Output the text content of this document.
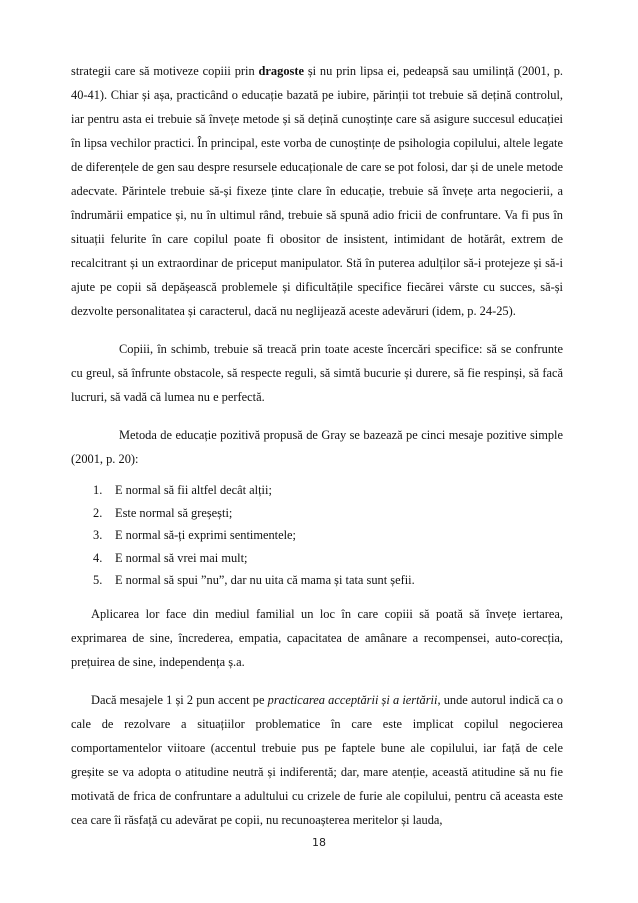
strategii care să motiveze copiii prin dragoste și nu prin lipsa ei, pedeapsă sau umilință (2001, p. 40-41). Chiar și așa, practicând o educație bazată pe iubire, părinții tot trebuie să dețină controlul, iar pentru asta ei trebuie să învețe metode și să dețină cunoștințe care să asigure succesul educației în lipsa vechilor practici. În principal, este vorba de cunoștințe de psihologia copilului, altele legate de diferențele de gen sau despre resursele educaționale de care se pot folosi, dar și de unele metode adecvate. Părintele trebuie să-și fixeze ținte clare în educație, trebuie să învețe arta negocierii, a îndrumării empatice și, nu în ultimul rând, trebuie să spună adio fricii de confruntare. Va fi pus în situații felurite în care copilul poate fi obositor de insistent, intimidant de hotărât, extrem de recalcitrant și un extraordinar de priceput manipulator. Stă în puterea adulților să-i protejeze și să-i ajute pe copii să depășească problemele și dificultățile specifice fiecărei vârste cu succes, să-și dezvolte personalitatea și caracterul, dacă nu neglijează aceste adevăruri (idem, p. 24-25).

Copiii, în schimb, trebuie să treacă prin toate aceste încercări specifice: să se confrunte cu greul, să înfrunte obstacole, să respecte reguli, să simtă bucurie și durere, să fie respinși, să facă lucruri, să vadă că lumea nu e perfectă.

Metoda de educație pozitivă propusă de Gray se bazează pe cinci mesaje pozitive simple (2001, p. 20):

1.	E normal să fii altfel decât alții;
2.	Este normal să greșești;
3.	E normal să-ți exprimi sentimentele;
4.	E normal să vrei mai mult;
5.	E normal să spui ”nu”, dar nu uita că mama și tata sunt șefii.

Aplicarea lor face din mediul familial un loc în care copiii să poată să învețe iertarea, exprimarea de sine, încrederea, empatia, capacitatea de amânare a recompensei, auto-corecția, prețuirea de sine, independența ș.a.

Dacă mesajele 1 și 2 pun accent pe practicarea acceptării și a iertării, unde autorul indică ca o cale de rezolvare a situațiilor problematice în care este implicat copilul negocierea comportamentelor viitoare (accentul trebuie pus pe faptele bune ale copilului, iar față de cele greșite se va adopta o atitudine neutră și indiferentă; dar, mare atenție, această atitudine să nu fie motivată de frica de confruntare a adultului cu crizele de furie ale copilului, pentru că aceasta este cea care îi răsfață cu adevărat pe copii, nu recunoașterea meritelor și lauda,

18
